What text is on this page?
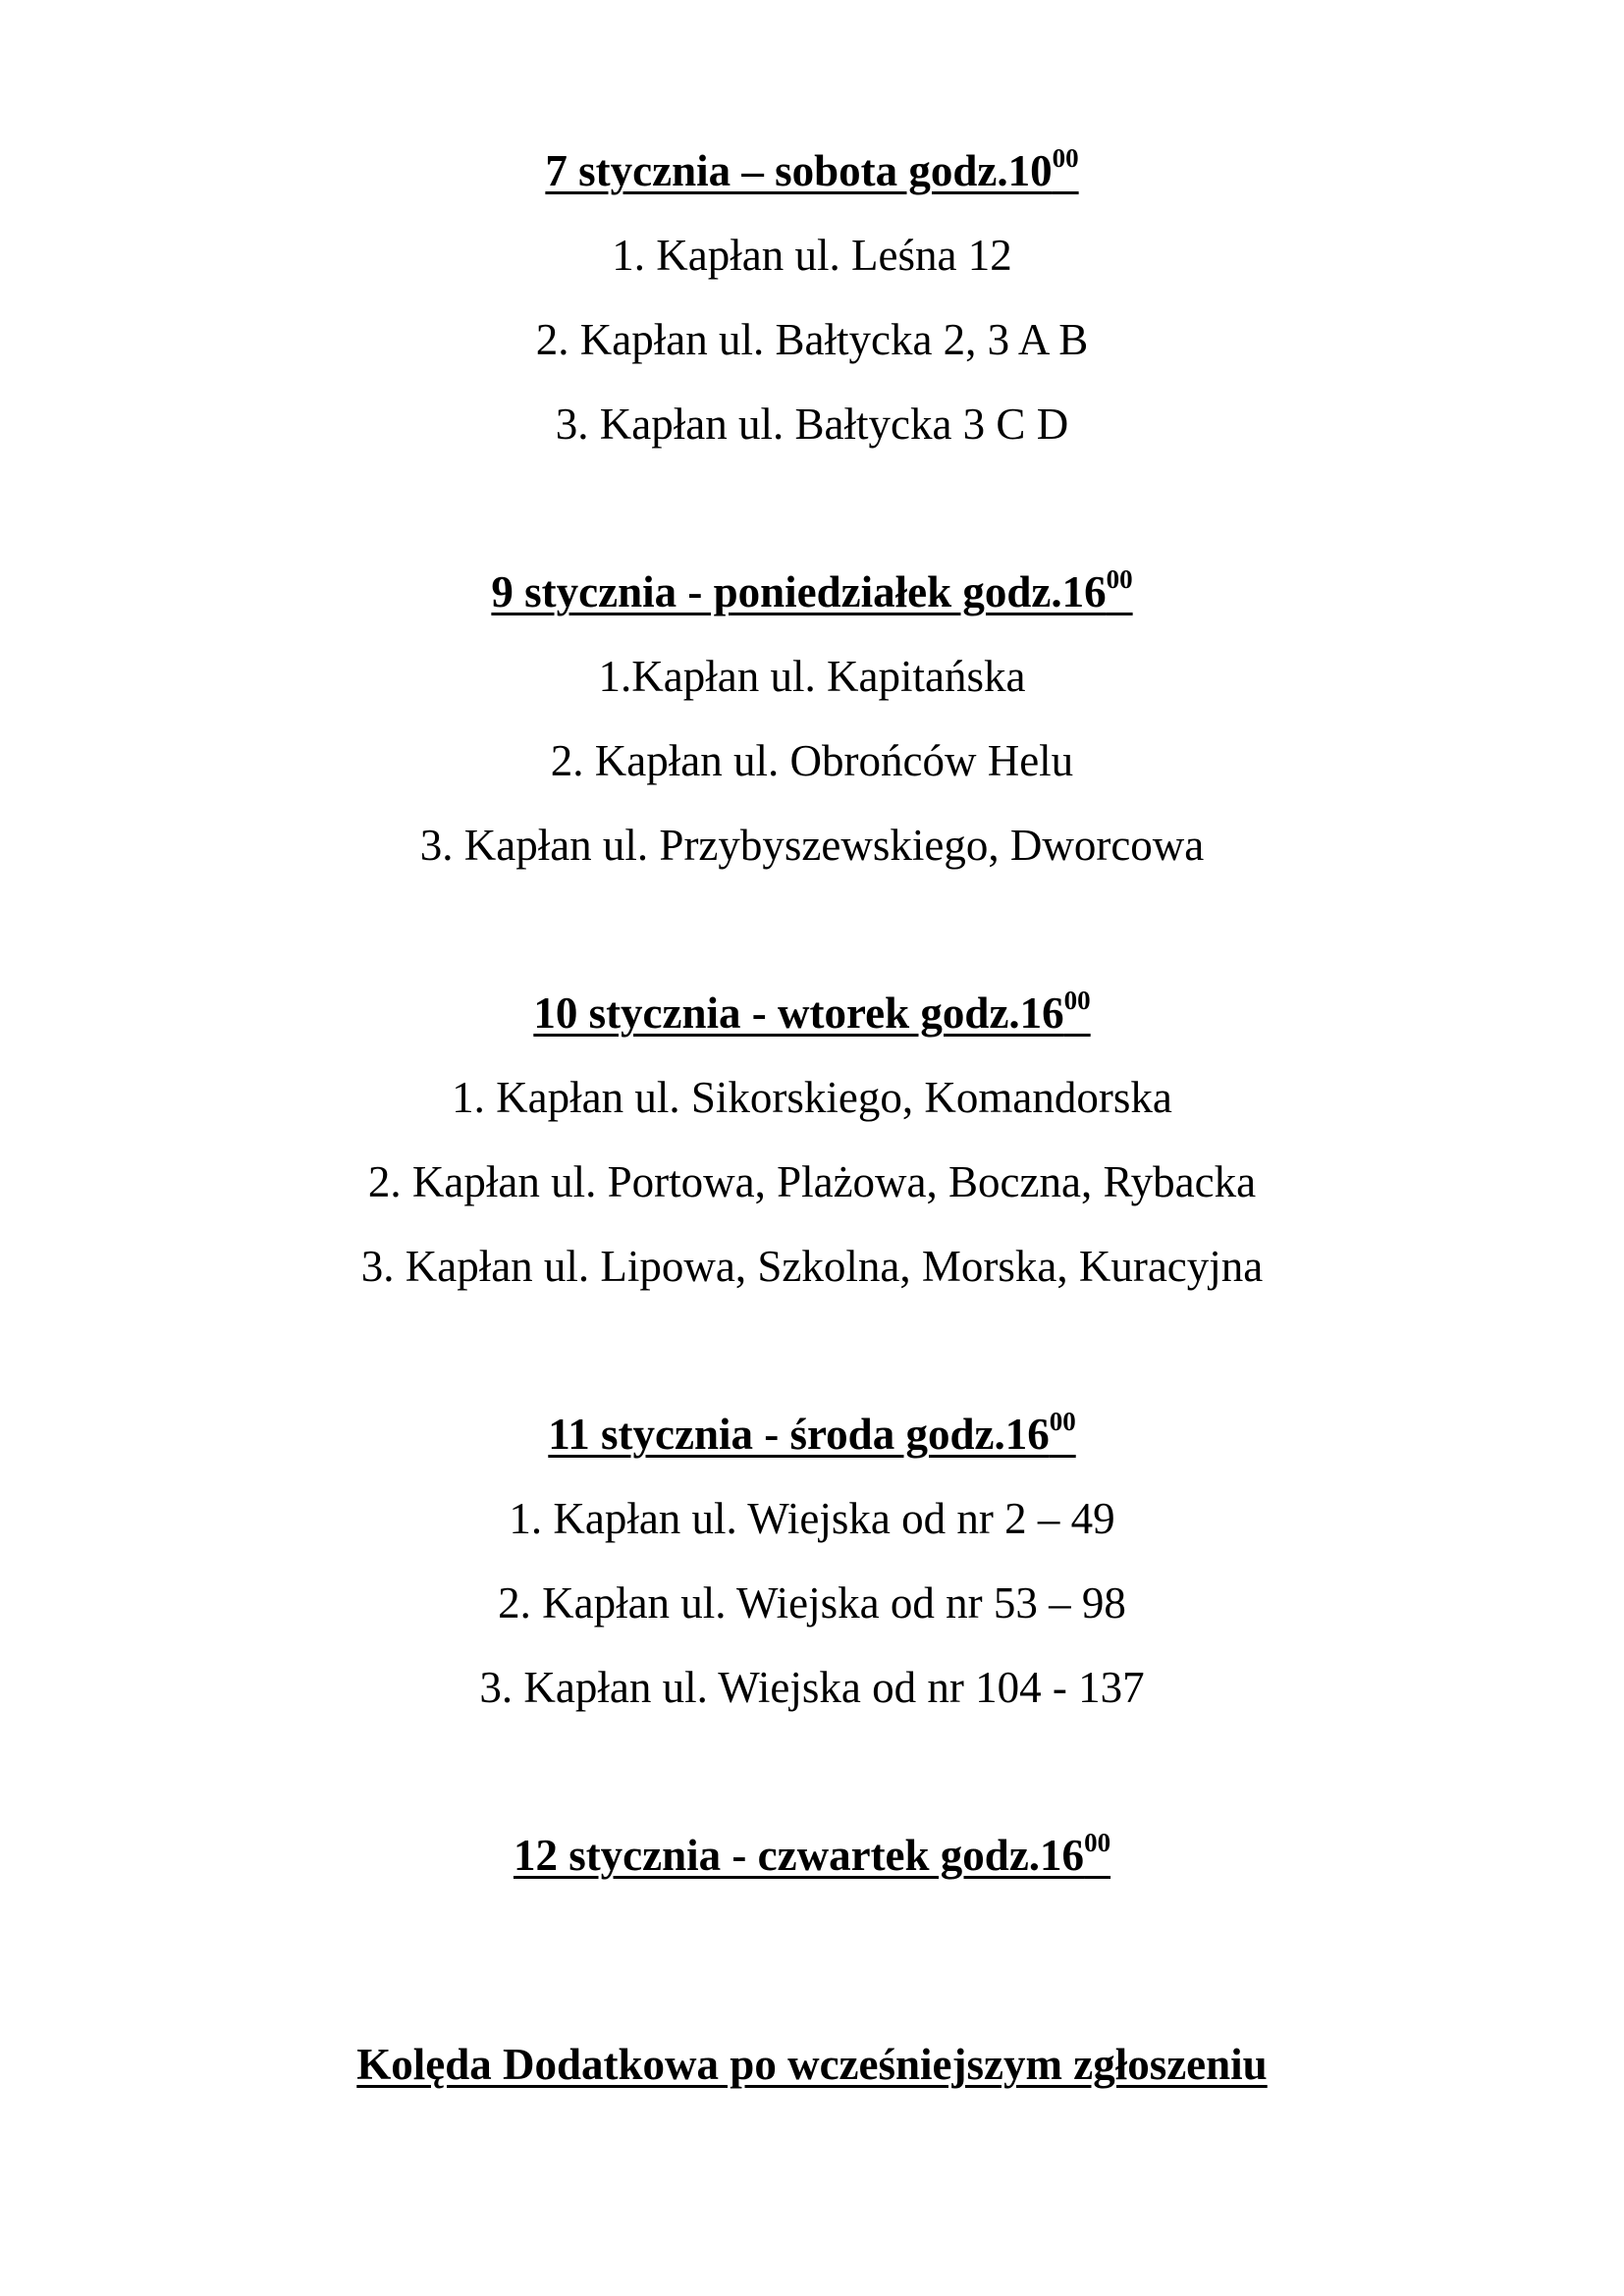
7 stycznia – sobota $godz.10^{00}$
1. Kapłan ul. Leśna 12
2. Kapłan ul. Bałtycka 2, 3 A B
3. Kapłan ul. Bałtycka 3 C D
9 stycznia - poniedziałek $godz.16^{00}$
1.Kapłan ul. Kapitańska
2. Kapłan ul. Obrońców Helu
3. Kapłan ul. Przybyszewskiego, Dworcowa
10 stycznia - wtorek $godz.16^{00}$
1. Kapłan ul. Sikorskiego, Komandorska
2. Kapłan ul. Portowa, Plażowa, Boczna, Rybacka
3. Kapłan ul. Lipowa, Szkolna, Morska, Kuracyjna
11 stycznia - środa $godz.16^{00}$
1. Kapłan ul. Wiejska od nr 2 – 49
2. Kapłan ul. Wiejska od nr 53 – 98
3. Kapłan ul. Wiejska od nr 104 - 137
12 stycznia - czwartek $godz.16^{00}$
Kolęda Dodatkowa po wcześniejszym zgłoszeniu
